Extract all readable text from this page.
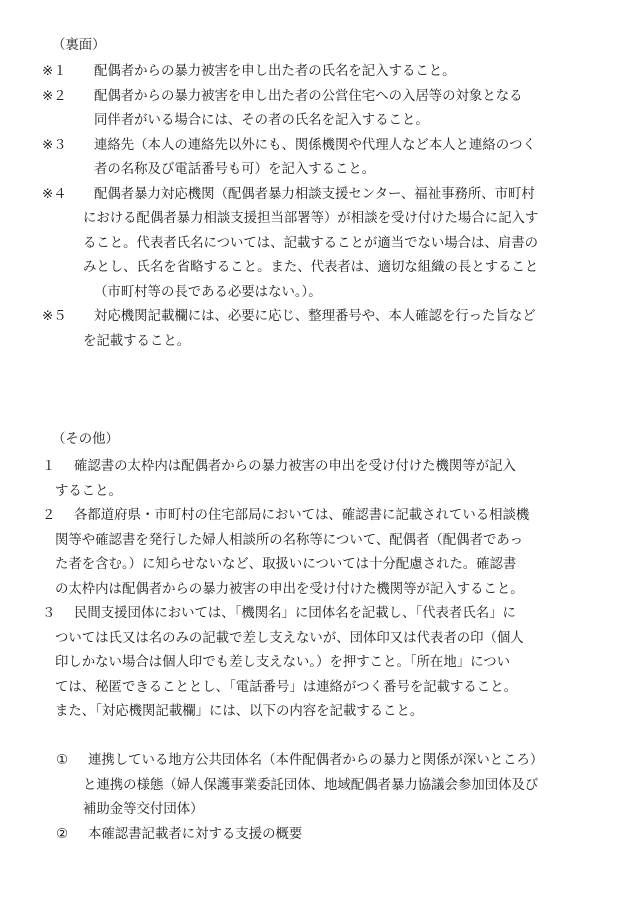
（裏面）
※１	配偶者からの暴力被害を申し出た者の氏名を記入すること。
※２	配偶者からの暴力被害を申し出た者の公営住宅への入居等の対象となる
同伴者がいる場合には、その者の氏名を記入すること。
※３	連絡先（本人の連絡先以外にも、関係機関や代理人など本人と連絡のつく
者の名称及び電話番号も可）を記入すること。
※４	配偶者暴力対応機関（配偶者暴力相談支援センター、福祉事務所、市町村
における配偶者暴力相談支援担当部署等）が相談を受け付けた場合に記入す
ること。代表者氏名については、記載することが適当でない場合は、肩書の
みとし、氏名を省略すること。また、代表者は、適切な組織の長とすること
（市町村等の長である必要はない。）。
※５	対応機関記載欄には、必要に応じ、整理番号や、本人確認を行った旨など
を記載すること。
（その他）
１	確認書の太枠内は配偶者からの暴力被害の申出を受け付けた機関等が記入
すること。
２	各都道府県・市町村の住宅部局においては、確認書に記載されている相談機
関等や確認書を発行した婦人相談所の名称等について、配偶者（配偶者であっ
た者を含む。）に知らせないなど、取扱いについては十分配慮された。確認書
の太枠内は配偶者からの暴力被害の申出を受け付けた機関等が記入すること。
３	民間支援団体においては、「機関名」に団体名を記載し、「代表者氏名」に
ついては氏又は名のみの記載で差し支えないが、団体印又は代表者の印（個人
印しかない場合は個人印でも差し支えない。）を押すこと。「所在地」につい
ては、秘匿できることとし、「電話番号」は連絡がつく番号を記載すること。
また、「対応機関記載欄」には、以下の内容を記載すること。
①	連携している地方公共団体名（本件配偶者からの暴力と関係が深いところ）
と連携の様態（婦人保護事業委託団体、地域配偶者暴力協議会参加団体及び
補助金等交付団体）
②	本確認書記載者に対する支援の概要
